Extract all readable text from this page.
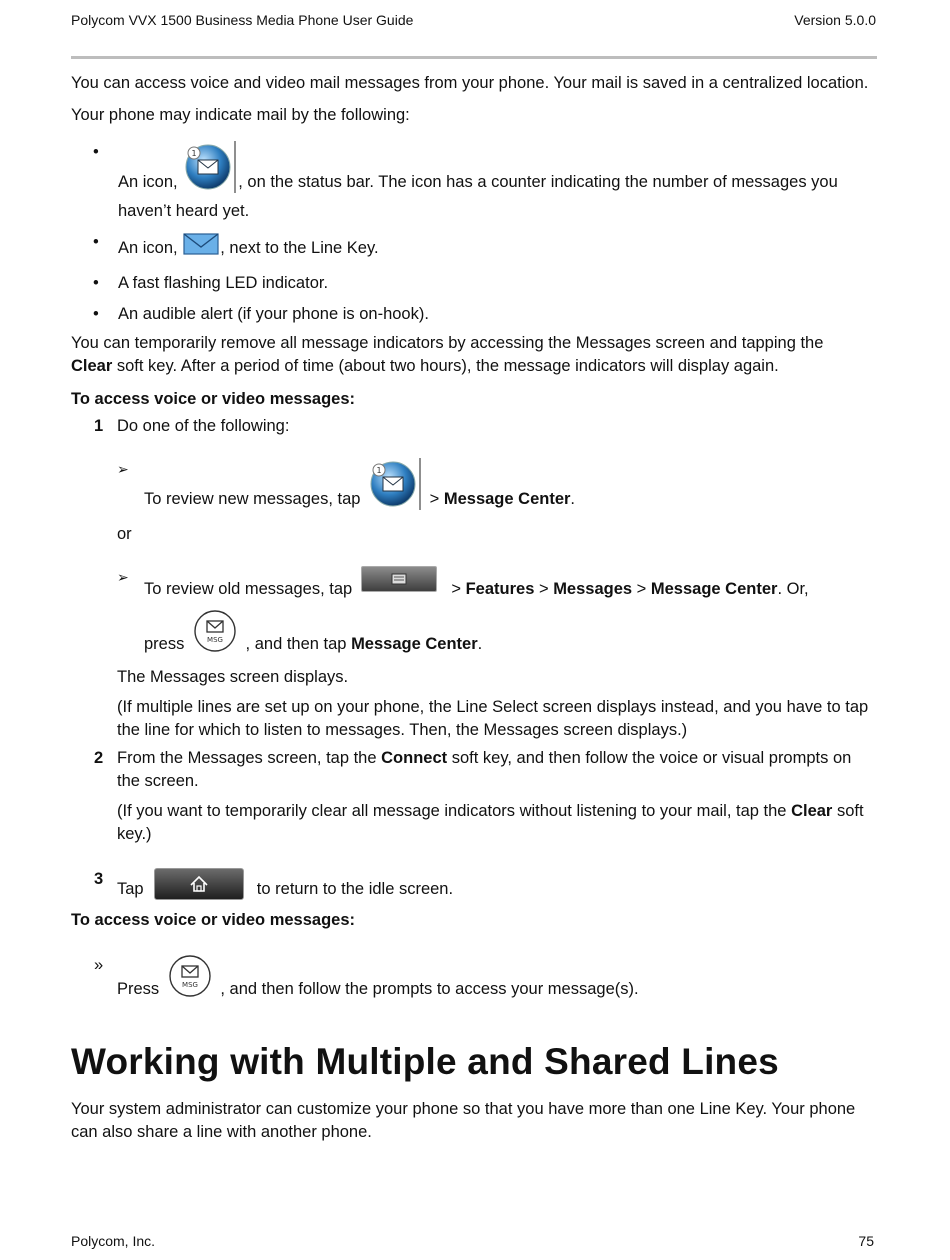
Polycom VVX 1500 Business Media Phone User Guide	Version 5.0.0

You can access voice and video mail messages from your phone. Your mail is saved in a centralized location.

Your phone may indicate mail by the following:

•
An icon,
1
, on the status bar. The icon has a counter indicating the number of messages you
haven’t heard yet.
• An icon,	, next to the Line Key.
• A fast flashing LED indicator.
• An audible alert (if your phone is on-hook).

You can temporarily remove all message indicators by accessing the Messages screen and tapping the
Clear soft key. After a period of time (about two hours), the message indicators will display again.

To access voice or video messages:

1 Do one of the following:
➢
To review new messages, tap
1
> Message Center.
or
➢
To review old messages, tap	> Features > Messages > Message Center. Or,
press	MSG , and then tap Message Center.
The Messages screen displays.
(If multiple lines are set up on your phone, the Line Select screen displays instead, and you have to tap the line for which to listen to messages. Then, the Messages screen displays.)
2 From the Messages screen, tap the Connect soft key, and then follow the voice or visual prompts on the screen.
(If you want to temporarily clear all message indicators without listening to your mail, tap the Clear soft key.)
3
Tap	to return to the idle screen.

To access voice or video messages:

»
Press	MSG , and then follow the prompts to access your message(s).
Working with Multiple and Shared Lines

Your system administrator can customize your phone so that you have more than one Line Key. Your phone can also share a line with another phone.

Polycom, Inc.	75
